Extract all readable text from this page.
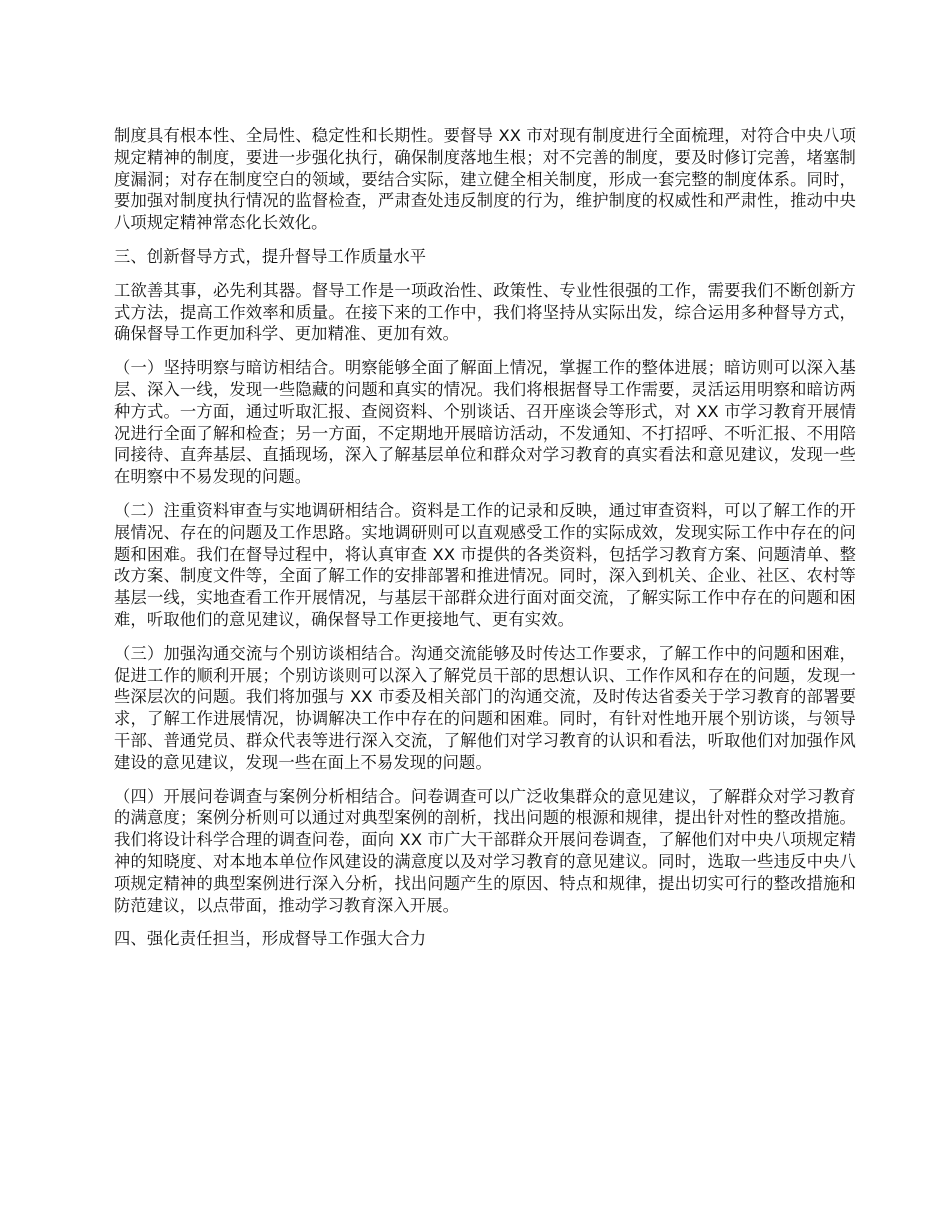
制度具有根本性、全局性、稳定性和长期性。要督导 XX 市对现有制度进行全面梳理，对符合中央八项规定精神的制度，要进一步强化执行，确保制度落地生根；对不完善的制度，要及时修订完善，堵塞制度漏洞；对存在制度空白的领域，要结合实际，建立健全相关制度，形成一套完整的制度体系。同时，要加强对制度执行情况的监督检查，严肃查处违反制度的行为，维护制度的权威性和严肃性，推动中央八项规定精神常态化长效化。

三、创新督导方式，提升督导工作质量水平

工欲善其事，必先利其器。督导工作是一项政治性、政策性、专业性很强的工作，需要我们不断创新方式方法，提高工作效率和质量。在接下来的工作中，我们将坚持从实际出发，综合运用多种督导方式，确保督导工作更加科学、更加精准、更加有效。

（一）坚持明察与暗访相结合。明察能够全面了解面上情况，掌握工作的整体进展；暗访则可以深入基层、深入一线，发现一些隐藏的问题和真实的情况。我们将根据督导工作需要，灵活运用明察和暗访两种方式。一方面，通过听取汇报、查阅资料、个别谈话、召开座谈会等形式，对 XX 市学习教育开展情况进行全面了解和检查；另一方面，不定期地开展暗访活动，不发通知、不打招呼、不听汇报、不用陪同接待、直奔基层、直插现场，深入了解基层单位和群众对学习教育的真实看法和意见建议，发现一些在明察中不易发现的问题。

（二）注重资料审查与实地调研相结合。资料是工作的记录和反映，通过审查资料，可以了解工作的开展情况、存在的问题及工作思路。实地调研则可以直观感受工作的实际成效，发现实际工作中存在的问题和困难。我们在督导过程中，将认真审查 XX 市提供的各类资料，包括学习教育方案、问题清单、整改方案、制度文件等，全面了解工作的安排部署和推进情况。同时，深入到机关、企业、社区、农村等基层一线，实地查看工作开展情况，与基层干部群众进行面对面交流，了解实际工作中存在的问题和困难，听取他们的意见建议，确保督导工作更接地气、更有实效。

（三）加强沟通交流与个别访谈相结合。沟通交流能够及时传达工作要求，了解工作中的问题和困难，促进工作的顺利开展；个别访谈则可以深入了解党员干部的思想认识、工作作风和存在的问题，发现一些深层次的问题。我们将加强与 XX 市委及相关部门的沟通交流，及时传达省委关于学习教育的部署要求，了解工作进展情况，协调解决工作中存在的问题和困难。同时，有针对性地开展个别访谈，与领导干部、普通党员、群众代表等进行深入交流，了解他们对学习教育的认识和看法，听取他们对加强作风建设的意见建议，发现一些在面上不易发现的问题。

（四）开展问卷调查与案例分析相结合。问卷调查可以广泛收集群众的意见建议，了解群众对学习教育的满意度；案例分析则可以通过对典型案例的剖析，找出问题的根源和规律，提出针对性的整改措施。我们将设计科学合理的调查问卷，面向 XX 市广大干部群众开展问卷调查，了解他们对中央八项规定精神的知晓度、对本地本单位作风建设的满意度以及对学习教育的意见建议。同时，选取一些违反中央八项规定精神的典型案例进行深入分析，找出问题产生的原因、特点和规律，提出切实可行的整改措施和防范建议，以点带面，推动学习教育深入开展。

四、强化责任担当，形成督导工作强大合力
